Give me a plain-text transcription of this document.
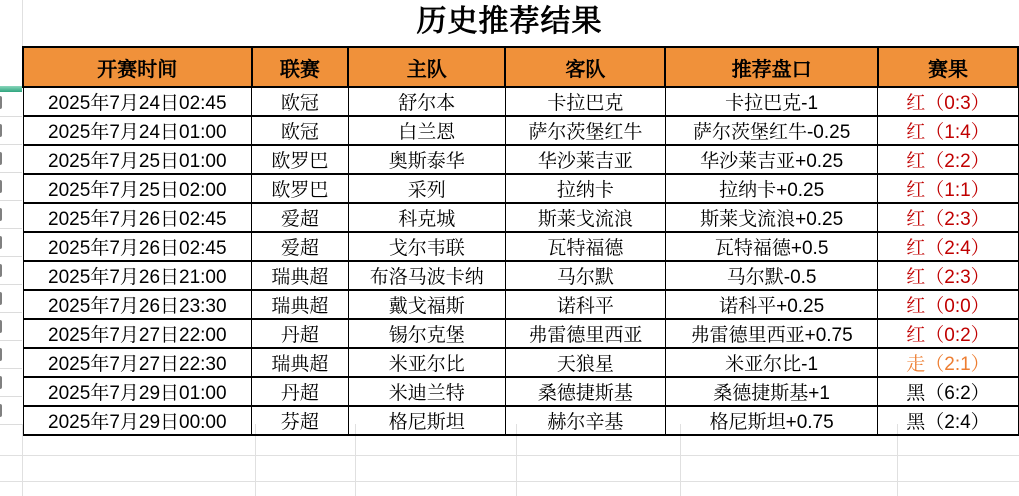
历史推荐结果
开赛时间	联赛	主队	客队	推荐盘口	赛果
2025年7月24日02:45	欧冠	舒尔本	卡拉巴克	卡拉巴克-1	红（0:3）
2025年7月24日01:00	欧冠	白兰恩	萨尔茨堡红牛	萨尔茨堡红牛-0.25	红（1:4）
2025年7月25日01:00	欧罗巴	奥斯泰华	华沙莱吉亚	华沙莱吉亚+0.25	红（2:2）
2025年7月25日02:00	欧罗巴	采列	拉纳卡	拉纳卡+0.25	红（1:1）
2025年7月26日02:45	爱超	科克城	斯莱戈流浪	斯莱戈流浪+0.25	红（2:3）
2025年7月26日02:45	爱超	戈尔韦联	瓦特福德	瓦特福德+0.5	红（2:4）
2025年7月26日21:00	瑞典超	布洛马波卡纳	马尔默	马尔默-0.5	红（2:3）
2025年7月26日23:30	瑞典超	戴戈福斯	诺科平	诺科平+0.25	红（0:0）
2025年7月27日22:00	丹超	锡尔克堡	弗雷德里西亚	弗雷德里西亚+0.75	红（0:2）
2025年7月27日22:30	瑞典超	米亚尔比	天狼星	米亚尔比-1	走（2:1）
2025年7月29日01:00	丹超	米迪兰特	桑德捷斯基	桑德捷斯基+1	黑（6:2）
2025年7月29日00:00	芬超	格尼斯坦	赫尔辛基	格尼斯坦+0.75	黑（2:4）
